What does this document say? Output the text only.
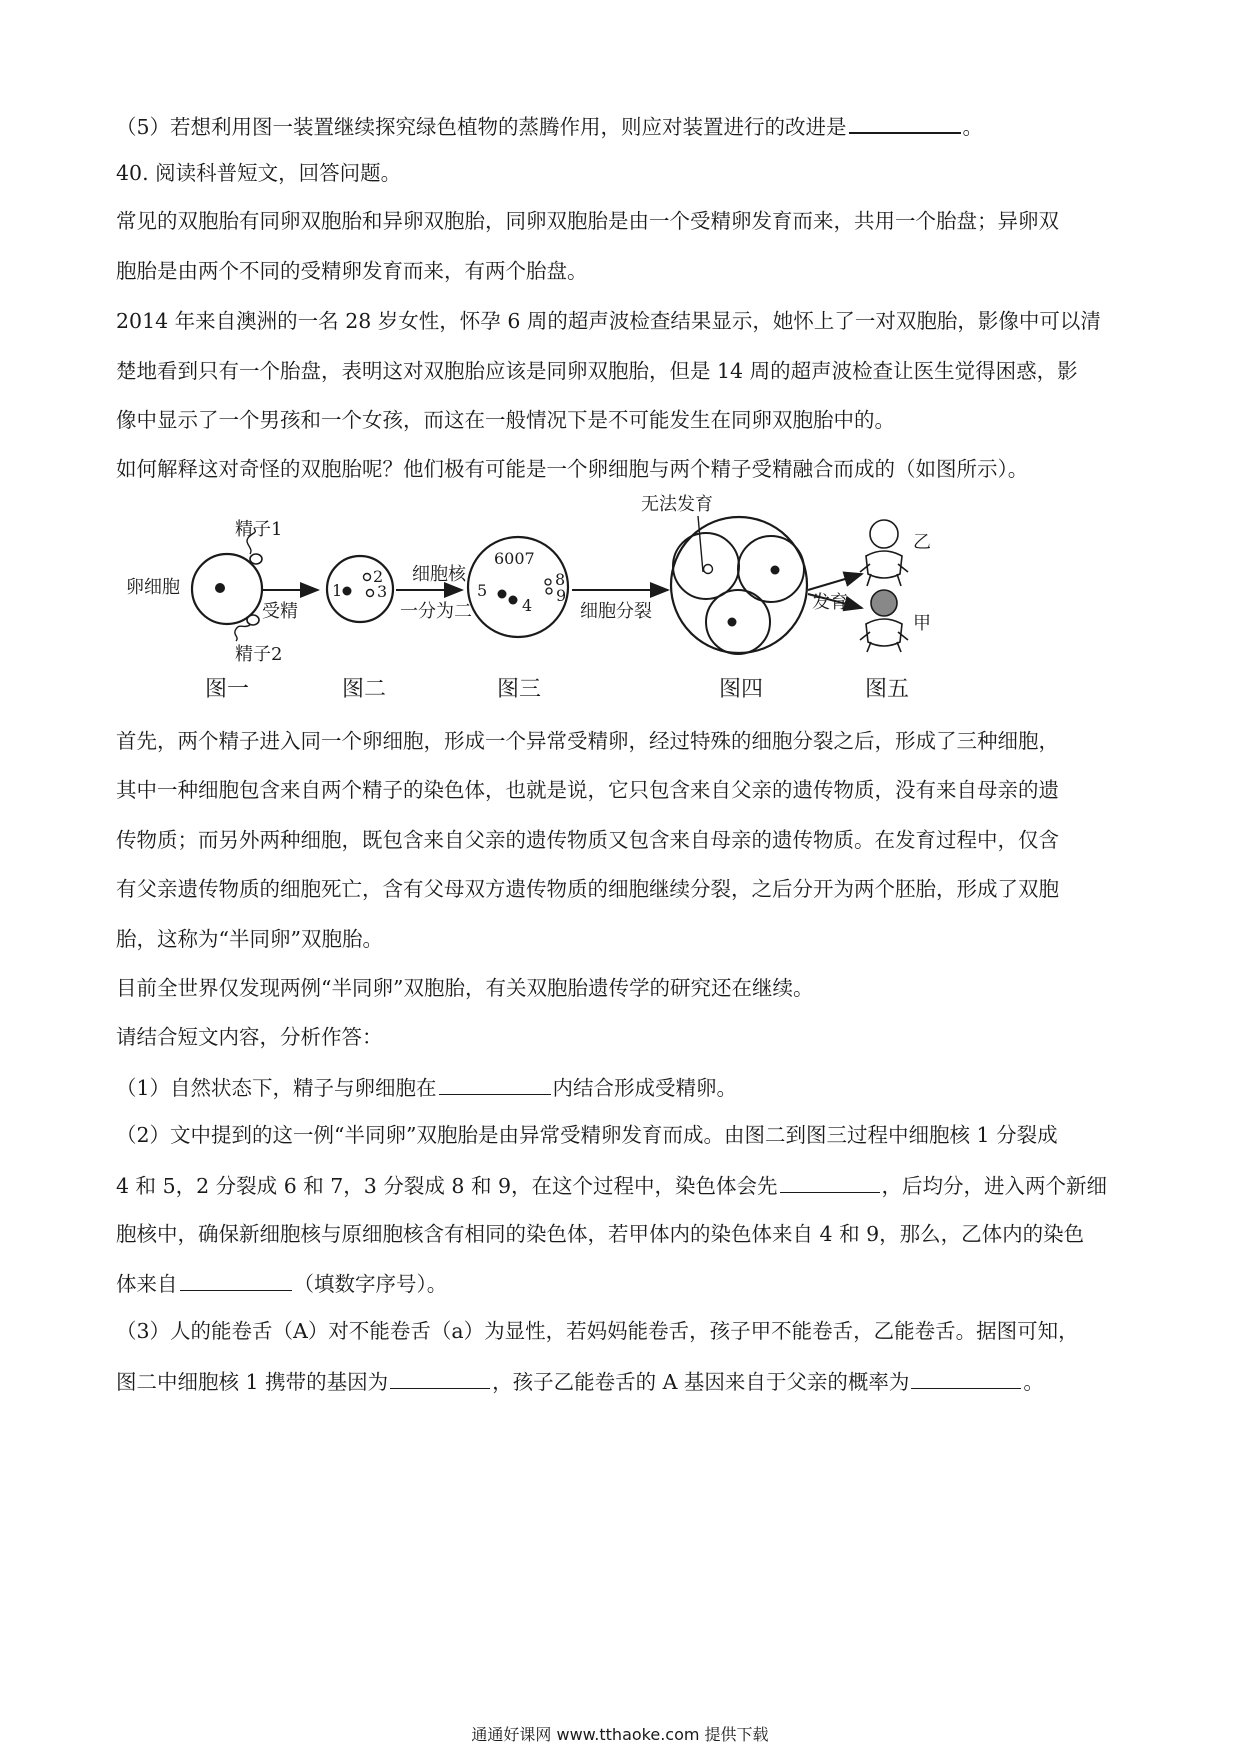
（5）若想利用图一装置继续探究绿色植物的蒸腾作用，则应对装置进行的改进是	。
40. 阅读科普短文，回答问题。
常见的双胞胎有同卵双胞胎和异卵双胞胎，同卵双胞胎是由一个受精卵发育而来，共用一个胎盘；异卵双
胞胎是由两个不同的受精卵发育而来，有两个胎盘。
2014 年来自澳洲的一名 28 岁女性，怀孕 6 周的超声波检查结果显示，她怀上了一对双胞胎，影像中可以清
楚地看到只有一个胎盘，表明这对双胞胎应该是同卵双胞胎，但是 14 周的超声波检查让医生觉得困惑，影
像中显示了一个男孩和一个女孩，而这在一般情况下是不可能发生在同卵双胞胎中的。
如何解释这对奇怪的双胞胎呢？他们极有可能是一个卵细胞与两个精子受精融合而成的（如图所示）。
卵细胞
精子1
受精
精子2
1
2
3
细胞核
一分为二
6007
5
4
8
9
细胞分裂
无法发育
发育
乙
甲
图一	图二	图三	图四	图五
首先，两个精子进入同一个卵细胞，形成一个异常受精卵，经过特殊的细胞分裂之后，形成了三种细胞，
其中一种细胞包含来自两个精子的染色体，也就是说，它只包含来自父亲的遗传物质，没有来自母亲的遗
传物质；而另外两种细胞，既包含来自父亲的遗传物质又包含来自母亲的遗传物质。在发育过程中，仅含
有父亲遗传物质的细胞死亡，含有父母双方遗传物质的细胞继续分裂，之后分开为两个胚胎，形成了双胞
胎，这称为“半同卵”双胞胎。
目前全世界仅发现两例“半同卵”双胞胎，有关双胞胎遗传学的研究还在继续。
请结合短文内容，分析作答：
（1）自然状态下，精子与卵细胞在	内结合形成受精卵。
（2）文中提到的这一例“半同卵”双胞胎是由异常受精卵发育而成。由图二到图三过程中细胞核 1 分裂成
4 和 5，2 分裂成 6 和 7，3 分裂成 8 和 9，在这个过程中，染色体会先	，后均分，进入两个新细
胞核中，确保新细胞核与原细胞核含有相同的染色体，若甲体内的染色体来自 4 和 9，那么，乙体内的染色
体来自	（填数字序号）。
（3）人的能卷舌（A）对不能卷舌（a）为显性，若妈妈能卷舌，孩子甲不能卷舌，乙能卷舌。据图可知，
图二中细胞核 1 携带的基因为	，孩子乙能卷舌的 A 基因来自于父亲的概率为	。
通通好课网 www.tthaoke.com 提供下载
